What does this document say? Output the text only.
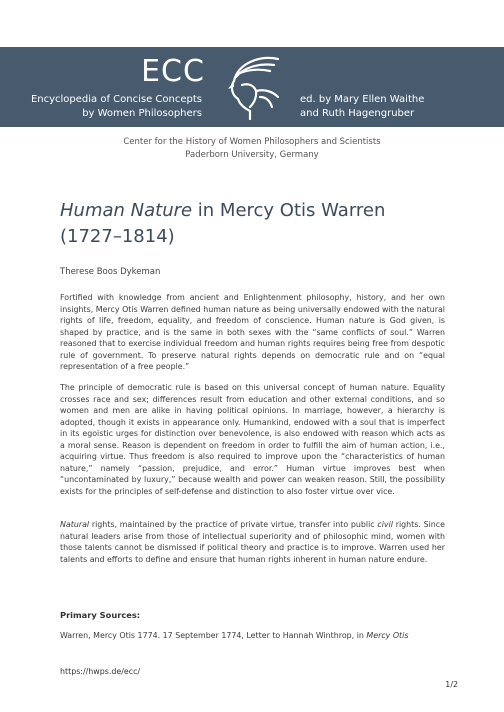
ECC
Encyclopedia of Concise Concepts
by Women Philosophers
ed. by Mary Ellen Waithe
and Ruth Hagengruber
Center for the History of Women Philosophers and Scientists
Paderborn University, Germany
Human Nature in Mercy Otis Warren
(1727–1814)
Therese Boos Dykeman

Fortified with knowledge from ancient and Enlightenment philosophy, history, and her own insights, Mercy Otis Warren defined human nature as being universally endowed with the natural rights of life, freedom, equality, and freedom of conscience. Human nature is God given, is shaped by practice, and is the same in both sexes with the “same conflicts of soul.” Warren reasoned that to exercise individual freedom and human rights requires being free from despotic rule of government. To preserve natural rights depends on democratic rule and on “equal representation of a free people.”

The principle of democratic rule is based on this universal concept of human nature. Equality crosses race and sex; differences result from education and other external conditions, and so women and men are alike in having political opinions. In marriage, however, a hierarchy is adopted, though it exists in appearance only. Humankind, endowed with a soul that is imperfect in its egoistic urges for distinction over benevolence, is also endowed with reason which acts as a moral sense. Reason is dependent on freedom in order to fulfill the aim of human action, i.e., acquiring virtue. Thus freedom is also required to improve upon the “characteristics of human nature,” namely “passion, prejudice, and error.” Human virtue improves best when “uncontaminated by luxury,” because wealth and power can weaken reason. Still, the possibility exists for the principles of self-defense and distinction to also foster virtue over vice.

Natural rights, maintained by the practice of private virtue, transfer into public civil rights. Since natural leaders arise from those of intellectual superiority and of philosophic mind, women with those talents cannot be dismissed if political theory and practice is to improve. Warren used her talents and efforts to define and ensure that human rights inherent in human nature endure.

Primary Sources:
Warren, Mercy Otis 1774. 17 September 1774, Letter to Hannah Winthrop, in Mercy Otis
https://hwps.de/ecc/
1/2
